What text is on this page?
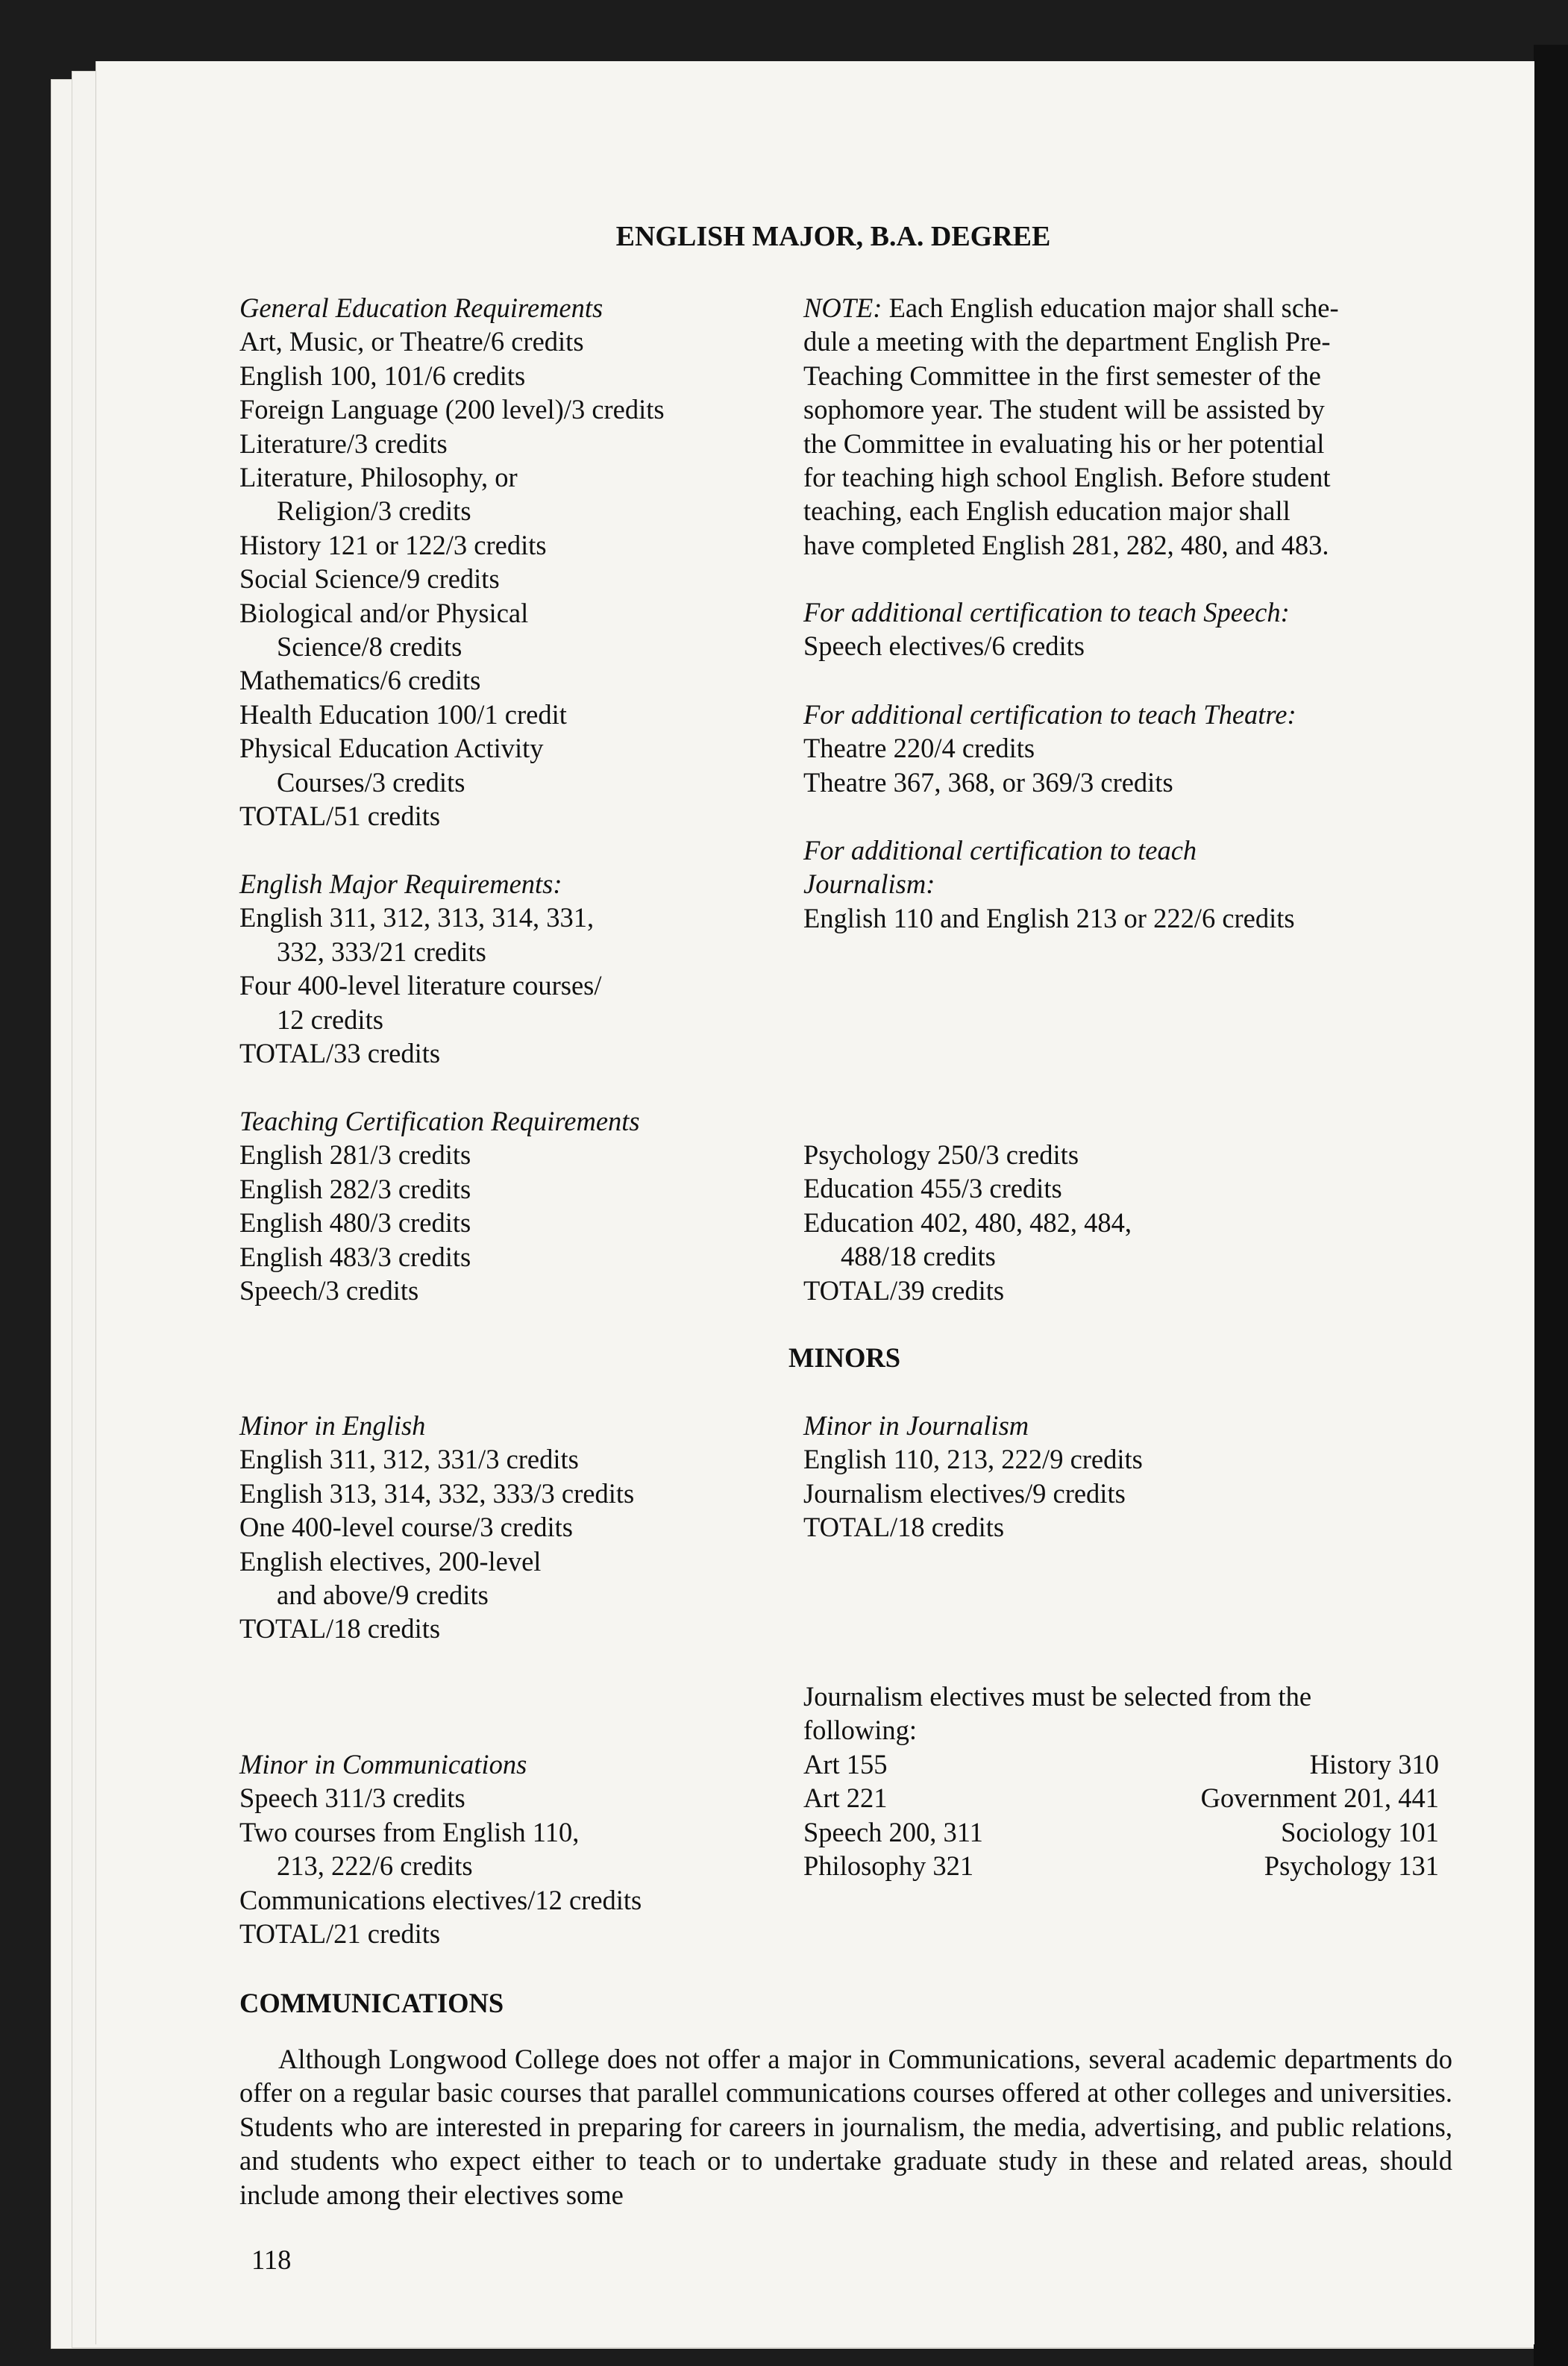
ENGLISH MAJOR, B.A. DEGREE
General Education Requirements
Art, Music, or Theatre/6 credits
English 100, 101/6 credits
Foreign Language (200 level)/3 credits
Literature/3 credits
Literature, Philosophy, or
Religion/3 credits
History 121 or 122/3 credits
Social Science/9 credits
Biological and/or Physical
Science/8 credits
Mathematics/6 credits
Health Education 100/1 credit
Physical Education Activity
Courses/3 credits
TOTAL/51 credits
NOTE: Each English education major shall sche-
dule a meeting with the department English Pre-
Teaching Committee in the first semester of the
sophomore year. The student will be assisted by
the Committee in evaluating his or her potential
for teaching high school English. Before student
teaching, each English education major shall
have completed English 281, 282, 480, and 483.
For additional certification to teach Speech:
Speech electives/6 credits
For additional certification to teach Theatre:
Theatre 220/4 credits
Theatre 367, 368, or 369/3 credits
For additional certification to teach
Journalism:
English 110 and English 213 or 222/6 credits
English Major Requirements:
English 311, 312, 313, 314, 331,
332, 333/21 credits
Four 400-level literature courses/
12 credits
TOTAL/33 credits
Teaching Certification Requirements
English 281/3 credits
English 282/3 credits
English 480/3 credits
English 483/3 credits
Speech/3 credits
Psychology 250/3 credits
Education 455/3 credits
Education 402, 480, 482, 484,
488/18 credits
TOTAL/39 credits
MINORS
Minor in English
English 311, 312, 331/3 credits
English 313, 314, 332, 333/3 credits
One 400-level course/3 credits
English electives, 200-level
and above/9 credits
TOTAL/18 credits
Minor in Journalism
English 110, 213, 222/9 credits
Journalism electives/9 credits
TOTAL/18 credits
Journalism electives must be selected from the
following:
Art 155	History 310
Art 221	Government 201, 441
Speech 200, 311	Sociology 101
Philosophy 321	Psychology 131
Minor in Communications
Speech 311/3 credits
Two courses from English 110,
213, 222/6 credits
Communications electives/12 credits
TOTAL/21 credits
COMMUNICATIONS
Although Longwood College does not offer a major in Communications, several academic departments do offer on a regular basic courses that parallel communications courses offered at other colleges and universities. Students who are interested in preparing for careers in journalism, the media, advertising, and public relations, and students who expect either to teach or to undertake graduate study in these and related areas, should include among their electives some
118
